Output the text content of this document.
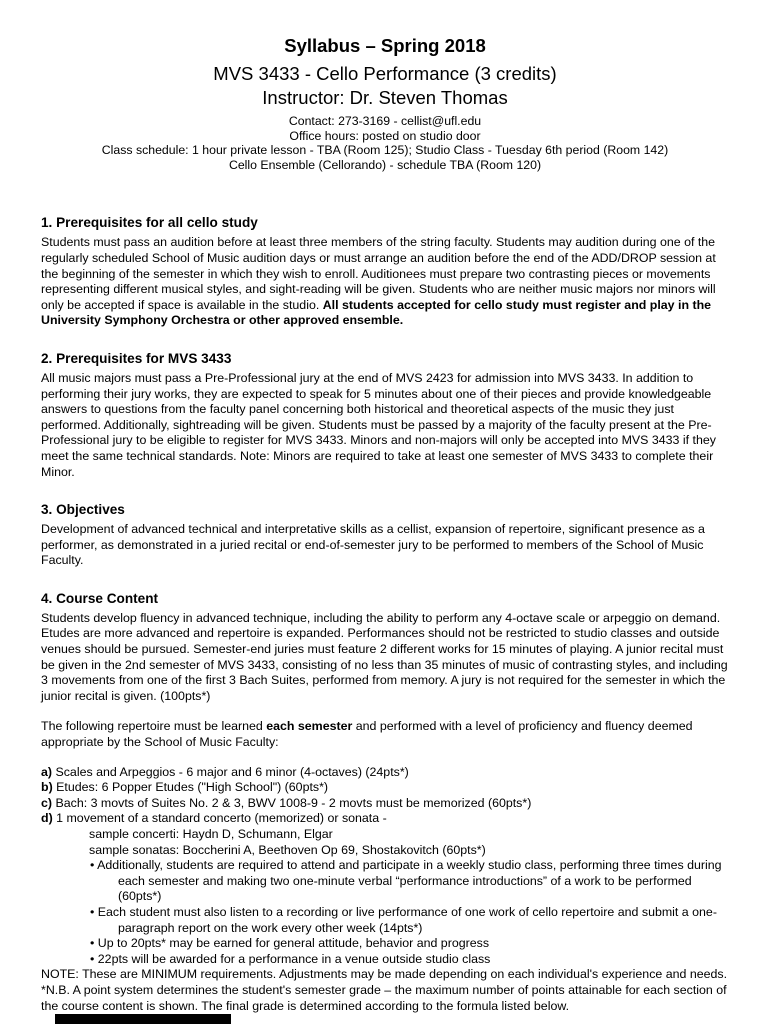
Syllabus – Spring 2018
MVS 3433 - Cello Performance (3 credits)
Instructor: Dr. Steven Thomas
Contact: 273-3169 - cellist@ufl.edu
Office hours: posted on studio door
Class schedule: 1 hour private lesson - TBA (Room 125); Studio Class - Tuesday 6th period (Room 142)
Cello Ensemble (Cellorando) - schedule TBA (Room 120)
1. Prerequisites for all cello study

Students must pass an audition before at least three members of the string faculty. Students may audition during one of the regularly scheduled School of Music audition days or must arrange an audition before the end of the ADD/DROP session at the beginning of the semester in which they wish to enroll. Auditionees must prepare two contrasting pieces or movements representing different musical styles, and sight-reading will be given. Students who are neither music majors nor minors will only be accepted if space is available in the studio. All students accepted for cello study must register and play in the University Symphony Orchestra or other approved ensemble.

2. Prerequisites for MVS 3433

All music majors must pass a Pre-Professional jury at the end of MVS 2423 for admission into MVS 3433. In addition to performing their jury works, they are expected to speak for 5 minutes about one of their pieces and provide knowledgeable answers to questions from the faculty panel concerning both historical and theoretical aspects of the music they just performed. Additionally, sightreading will be given. Students must be passed by a majority of the faculty present at the Pre-Professional jury to be eligible to register for MVS 3433. Minors and non-majors will only be accepted into MVS 3433 if they meet the same technical standards. Note: Minors are required to take at least one semester of MVS 3433 to complete their Minor.

3. Objectives

Development of advanced technical and interpretative skills as a cellist, expansion of repertoire, significant presence as a performer, as demonstrated in a juried recital or end-of-semester jury to be performed to members of the School of Music Faculty.

4. Course Content

Students develop fluency in advanced technique, including the ability to perform any 4-octave scale or arpeggio on demand. Etudes are more advanced and repertoire is expanded. Performances should not be restricted to studio classes and outside venues should be pursued. Semester-end juries must feature 2 different works for 15 minutes of playing. A junior recital must be given in the 2nd semester of MVS 3433, consisting of no less than 35 minutes of music of contrasting styles, and including 3 movements from one of the first 3 Bach Suites, performed from memory. A jury is not required for the semester in which the junior recital is given. (100pts*)

The following repertoire must be learned each semester and performed with a level of proficiency and fluency deemed appropriate by the School of Music Faculty:

a) Scales and Arpeggios - 6 major and 6 minor (4-octaves) (24pts*)

b) Etudes: 6 Popper Etudes ("High School") (60pts*)

c) Bach: 3 movts of Suites No. 2 & 3, BWV 1008-9 - 2 movts must be memorized (60pts*)

d) 1 movement of a standard concerto (memorized) or sonata -

sample concerti: Haydn D, Schumann, Elgar

sample sonatas: Boccherini A, Beethoven Op 69, Shostakovitch (60pts*)

• Additionally, students are required to attend and participate in a weekly studio class, performing three times during each semester and making two one-minute verbal “performance introductions” of a work to be performed (60pts*)

• Each student must also listen to a recording or live performance of one work of cello repertoire and submit a one-paragraph report on the work every other week (14pts*)

• Up to 20pts* may be earned for general attitude, behavior and progress

• 22pts will be awarded for a performance in a venue outside studio class

NOTE: These are MINIMUM requirements. Adjustments may be made depending on each individual's experience and needs.

*N.B. A point system determines the student's semester grade – the maximum number of points attainable for each section of the course content is shown. The final grade is determined according to the formula listed below.
